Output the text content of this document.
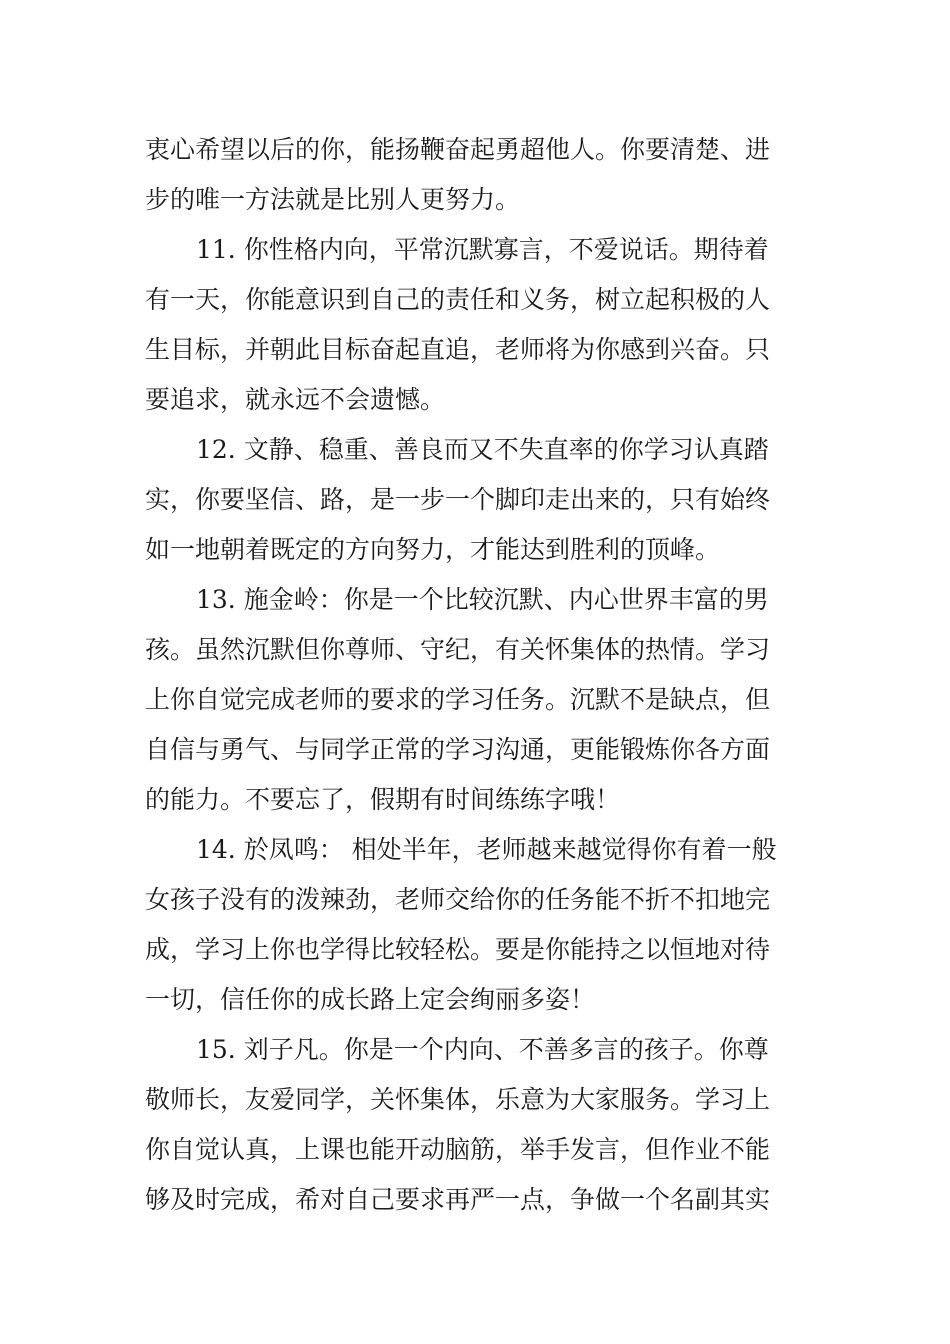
衷心希望以后的你，能扬鞭奋起勇超他人。你要清楚、进
步的唯一方法就是比别人更努力。
11. 你性格内向，平常沉默寡言，不爱说话。期待着
有一天，你能意识到自己的责任和义务，树立起积极的人
生目标，并朝此目标奋起直追，老师将为你感到兴奋。只
要追求，就永远不会遗憾。
12. 文静、稳重、善良而又不失直率的你学习认真踏
实，你要坚信、路，是一步一个脚印走出来的，只有始终
如一地朝着既定的方向努力，才能达到胜利的顶峰。
13. 施金岭：你是一个比较沉默、内心世界丰富的男
孩。虽然沉默但你尊师、守纪，有关怀集体的热情。学习
上你自觉完成老师的要求的学习任务。沉默不是缺点，但
自信与勇气、与同学正常的学习沟通，更能锻炼你各方面
的能力。不要忘了，假期有时间练练字哦！
14. 於凤鸣： 相处半年，老师越来越觉得你有着一般
女孩子没有的泼辣劲，老师交给你的任务能不折不扣地完
成，学习上你也学得比较轻松。要是你能持之以恒地对待
一切，信任你的成长路上定会绚丽多姿！
15. 刘子凡。你是一个内向、不善多言的孩子。你尊
敬师长，友爱同学，关怀集体，乐意为大家服务。学习上
你自觉认真，上课也能开动脑筋，举手发言，但作业不能
够及时完成，希对自己要求再严一点，争做一个名副其实
